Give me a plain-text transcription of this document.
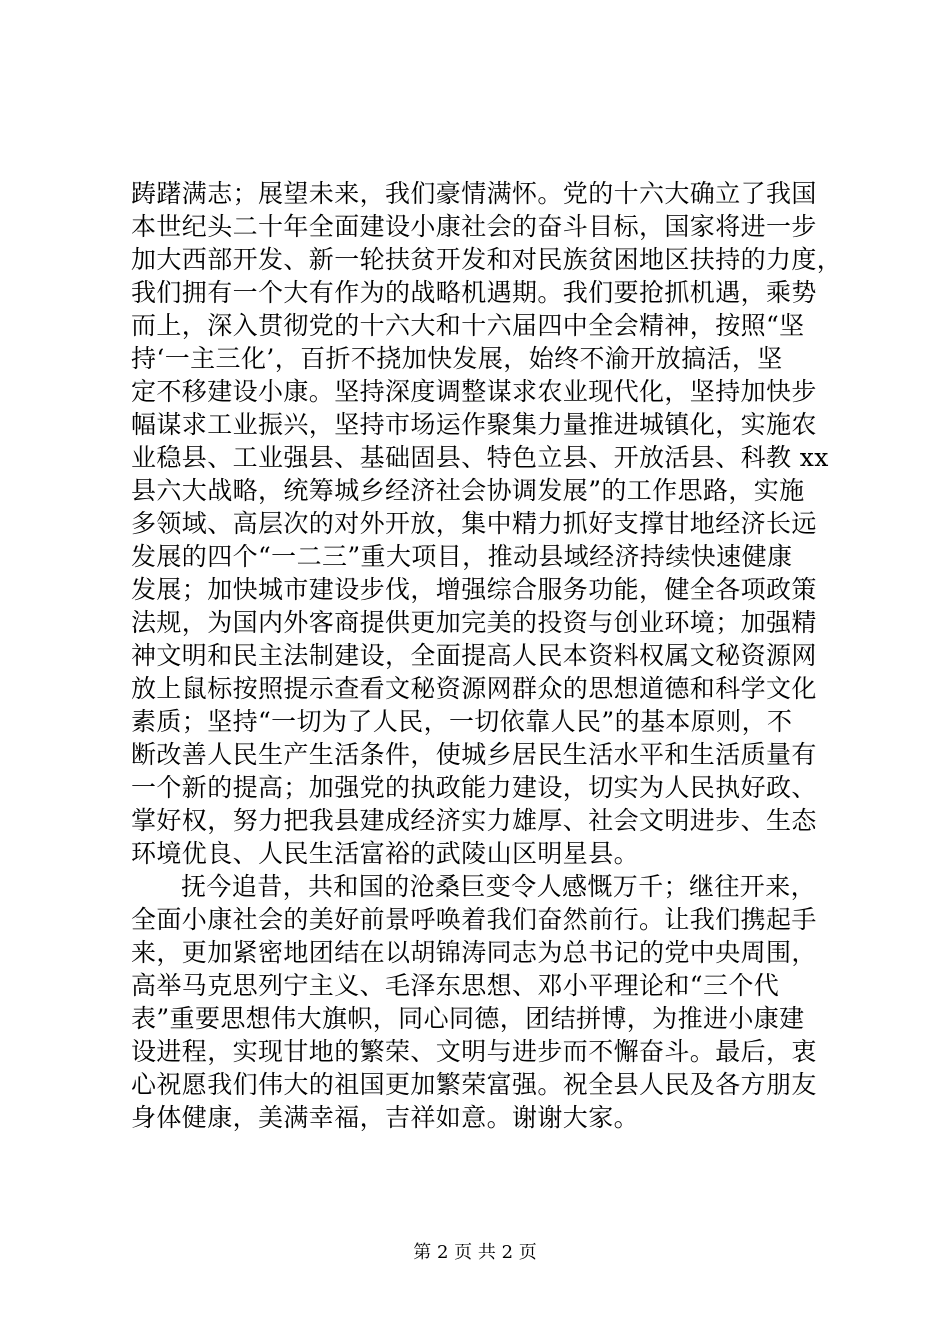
踌躇满志；展望未来，我们豪情满怀。党的十六大确立了我国
本世纪头二十年全面建设小康社会的奋斗目标，国家将进一步
加大西部开发、新一轮扶贫开发和对民族贫困地区扶持的力度，
我们拥有一个大有作为的战略机遇期。我们要抢抓机遇，乘势
而上，深入贯彻党的十六大和十六届四中全会精神，按照“坚
持‘一主三化’，百折不挠加快发展，始终不渝开放搞活，坚
定不移建设小康。坚持深度调整谋求农业现代化，坚持加快步
幅谋求工业振兴，坚持市场运作聚集力量推进城镇化，实施农
业稳县、工业强县、基础固县、特色立县、开放活县、科教 xx
县六大战略，统筹城乡经济社会协调发展”的工作思路，实施
多领域、高层次的对外开放，集中精力抓好支撑甘地经济长远
发展的四个“一二三”重大项目，推动县域经济持续快速健康
发展；加快城市建设步伐，增强综合服务功能，健全各项政策
法规，为国内外客商提供更加完美的投资与创业环境；加强精
神文明和民主法制建设，全面提高人民本资料权属文秘资源网
放上鼠标按照提示查看文秘资源网群众的思想道德和科学文化
素质；坚持“一切为了人民，一切依靠人民”的基本原则，不
断改善人民生产生活条件，使城乡居民生活水平和生活质量有
一个新的提高；加强党的执政能力建设，切实为人民执好政、
掌好权，努力把我县建成经济实力雄厚、社会文明进步、生态
环境优良、人民生活富裕的武陵山区明星县。
抚今追昔，共和国的沧桑巨变令人感慨万千；继往开来，
全面小康社会的美好前景呼唤着我们奋然前行。让我们携起手
来，更加紧密地团结在以胡锦涛同志为总书记的党中央周围，
高举马克思列宁主义、毛泽东思想、邓小平理论和“三个代
表”重要思想伟大旗帜，同心同德，团结拼博，为推进小康建
设进程，实现甘地的繁荣、文明与进步而不懈奋斗。最后，衷
心祝愿我们伟大的祖国更加繁荣富强。祝全县人民及各方朋友
身体健康，美满幸福，吉祥如意。谢谢大家。
第 2 页 共 2 页
